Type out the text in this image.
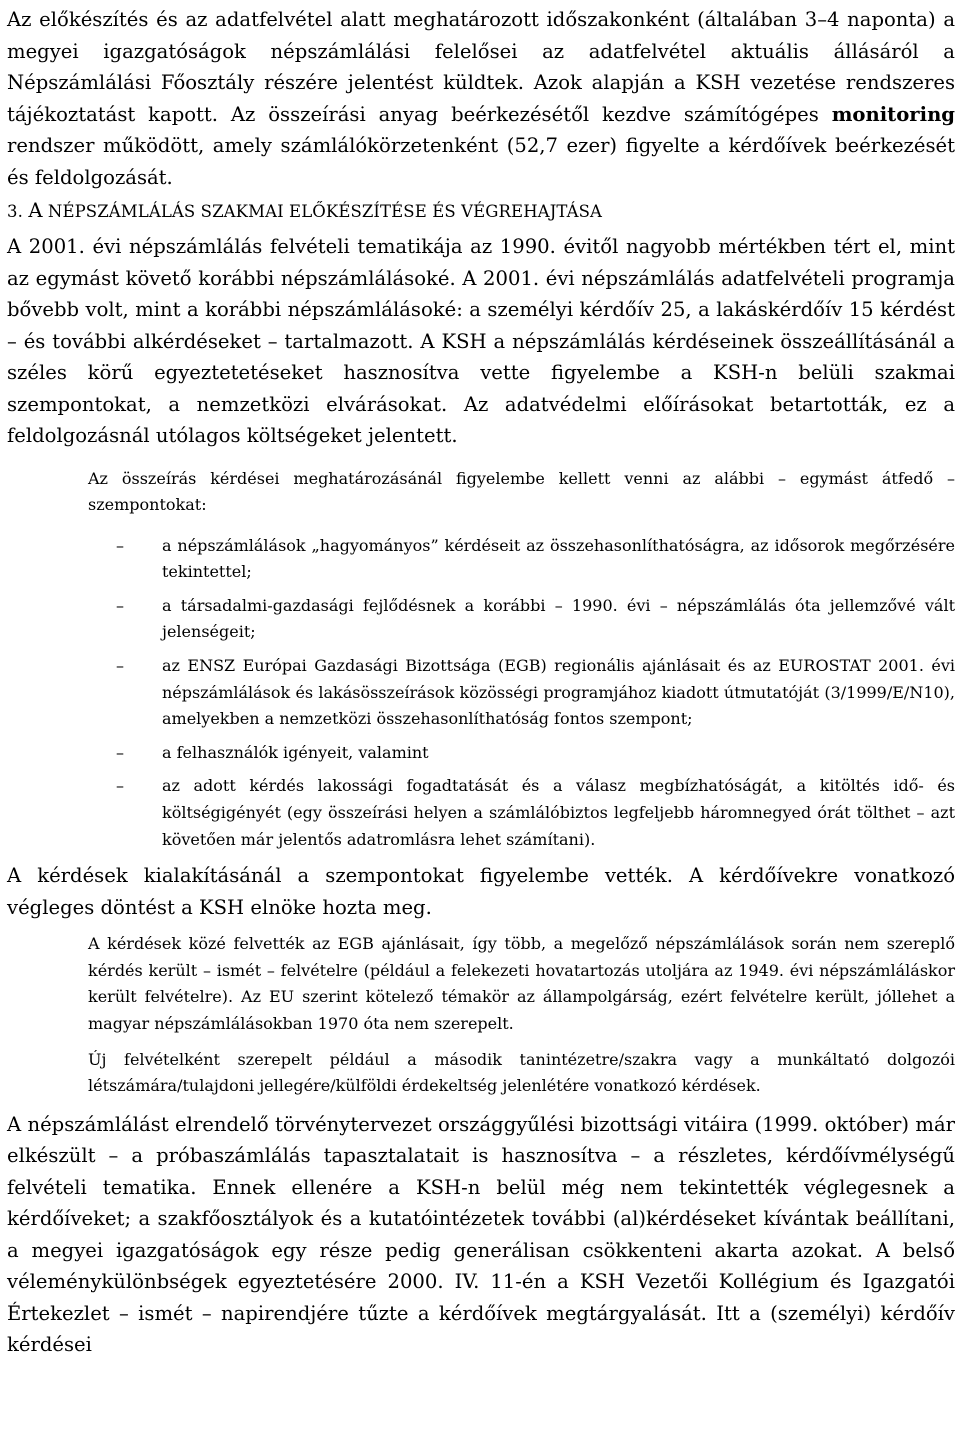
Az előkészítés és az adatfelvétel alatt meghatározott időszakonként (általában 3–4 naponta) a megyei igazgatóságok népszámlálási felelősei az adatfelvétel aktuális állásáról a Népszámlálási Főosztály részére jelentést küldtek. Azok alapján a KSH vezetése rendszeres tájékoztatást kapott. Az összeírási anyag beérkezésétől kezdve számítógépes monitoring rendszer működött, amely számlálókörzetenként (52,7 ezer) figyelte a kérdőívek beérkezését és feldolgozását.

3. A NÉPSZÁMLÁLÁS SZAKMAI ELŐKÉSZÍTÉSE ÉS VÉGREHAJTÁSA

A 2001. évi népszámlálás felvételi tematikája az 1990. évitől nagyobb mértékben tért el, mint az egymást követő korábbi népszámlálásoké. A 2001. évi népszámlálás adatfelvételi programja bővebb volt, mint a korábbi népszámlálásoké: a személyi kérdőív 25, a lakáskérdőív 15 kérdést – és további alkérdéseket – tartalmazott. A KSH a népszámlálás kérdéseinek összeállításánál a széles körű egyeztetetéseket hasznosítva vette figyelembe a KSH-n belüli szakmai szempontokat, a nemzetközi elvárásokat. Az adatvédelmi előírásokat betartották, ez a feldolgozásnál utólagos költségeket jelentett.

Az összeírás kérdései meghatározásánál figyelembe kellett venni az alábbi – egymást átfedő – szempontokat:

–	a népszámlálások „hagyományos” kérdéseit az összehasonlíthatóságra, az idősorok megőrzésére tekintettel;
–	a társadalmi-gazdasági fejlődésnek a korábbi – 1990. évi – népszámlálás óta jellemzővé vált jelenségeit;
–	az ENSZ Európai Gazdasági Bizottsága (EGB) regionális ajánlásait és az EUROSTAT 2001. évi népszámlálások és lakásösszeírások közösségi programjához kiadott útmutatóját (3/1999/E/N10), amelyekben a nemzetközi összehasonlíthatóság fontos szempont;
–	a felhasználók igényeit, valamint
–	az adott kérdés lakossági fogadtatását és a válasz megbízhatóságát, a kitöltés idő- és költségigényét (egy összeírási helyen a számlálóbiztos legfeljebb háromnegyed órát tölthet – azt követően már jelentős adatromlásra lehet számítani).

A kérdések kialakításánál a szempontokat figyelembe vették. A kérdőívekre vonatkozó végleges döntést a KSH elnöke hozta meg.

A kérdések közé felvették az EGB ajánlásait, így több, a megelőző népszámlálások során nem szereplő kérdés került – ismét – felvételre (például a felekezeti hovatartozás utoljára az 1949. évi népszámláláskor került felvételre). Az EU szerint kötelező témakör az állampolgárság, ezért felvételre került, jóllehet a magyar népszámlálásokban 1970 óta nem szerepelt.

Új felvételként szerepelt például a második tanintézetre/szakra vagy a munkáltató dolgozói létszámára/tulajdoni jellegére/külföldi érdekeltség jelenlétére vonatkozó kérdések.

A népszámlálást elrendelő törvénytervezet országgyűlési bizottsági vitáira (1999. október) már elkészült – a próbaszámlálás tapasztalatait is hasznosítva – a részletes, kérdőívmélységű felvételi tematika. Ennek ellenére a KSH-n belül még nem tekintették véglegesnek a kérdőíveket; a szakfőosztályok és a kutatóintézetek további (al)kérdéseket kívántak beállítani, a megyei igazgatóságok egy része pedig generálisan csökkenteni akarta azokat. A belső véleménykülönbségek egyeztetésére 2000. IV. 11-én a KSH Vezetői Kollégium és Igazgatói Értekezlet – ismét – napirendjére tűzte a kérdőívek megtárgyalását. Itt a (személyi) kérdőív kérdései
